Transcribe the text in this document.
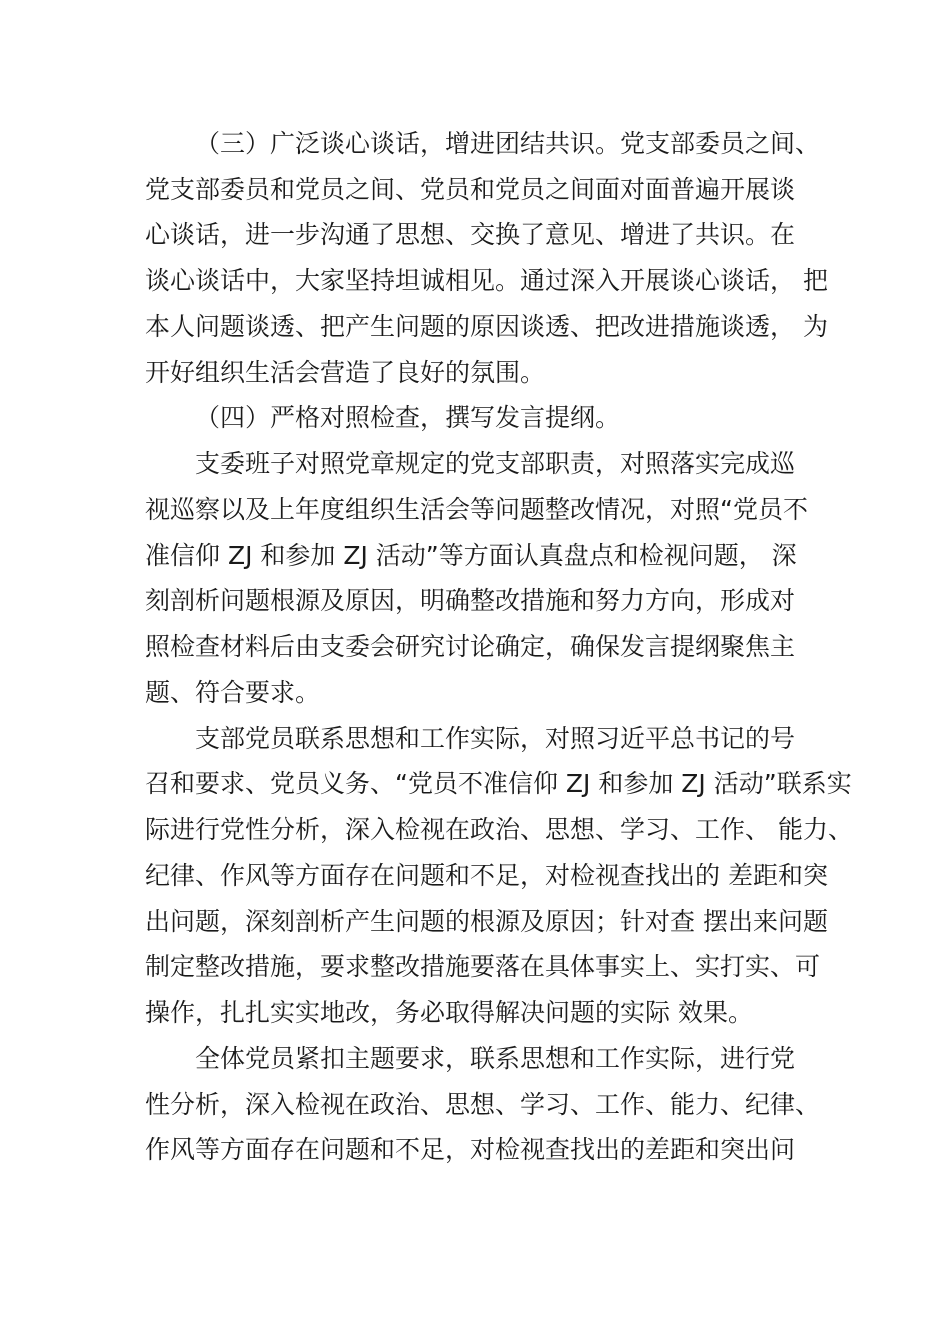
（三）广泛谈心谈话，增进团结共识。党支部委员之间、
党支部委员和党员之间、党员和党员之间面对面普遍开展谈
心谈话，进一步沟通了思想、交换了意见、增进了共识。在
谈心谈话中，大家坚持坦诚相见。通过深入开展谈心谈话， 把
本人问题谈透、把产生问题的原因谈透、把改进措施谈透， 为
开好组织生活会营造了良好的氛围。
（四）严格对照检查，撰写发言提纲。
支委班子对照党章规定的党支部职责，对照落实完成巡
视巡察以及上年度组织生活会等问题整改情况，对照“党员不
准信仰 ZJ 和参加 ZJ 活动”等方面认真盘点和检视问题， 深
刻剖析问题根源及原因，明确整改措施和努力方向，形成对
照检查材料后由支委会研究讨论确定，确保发言提纲聚焦主
题、符合要求。
支部党员联系思想和工作实际，对照习近平总书记的号
召和要求、党员义务、“党员不准信仰 ZJ 和参加 ZJ 活动”联系实
际进行党性分析，深入检视在政治、思想、学习、工作、 能力、
纪律、作风等方面存在问题和不足，对检视查找出的 差距和突
出问题，深刻剖析产生问题的根源及原因；针对查 摆出来问题
制定整改措施，要求整改措施要落在具体事实上、实打实、可
操作，扎扎实实地改，务必取得解决问题的实际 效果。
全体党员紧扣主题要求，联系思想和工作实际，进行党
性分析，深入检视在政治、思想、学习、工作、能力、纪律、
作风等方面存在问题和不足，对检视查找出的差距和突出问
